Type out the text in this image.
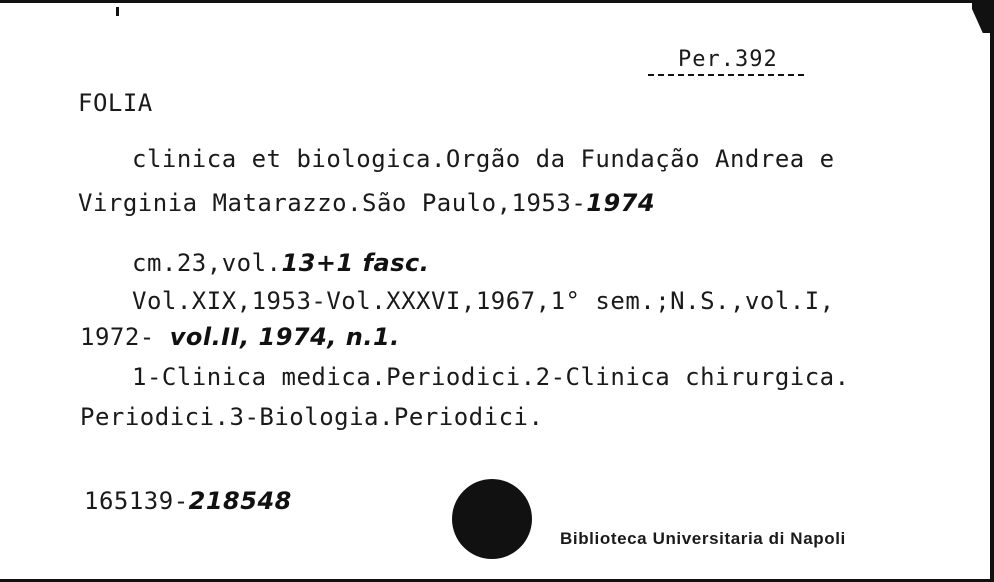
Per.392
FOLIA
clinica et biologica.Orgão da Fundação Andrea e
Virginia Matarazzo.São Paulo,1953-1974
cm.23,vol.13+1 fasc.
Vol.XIX,1953-Vol.XXXVI,1967,1° sem.;N.S.,vol.I,
1972- vol.II, 1974, n.1.
1-Clinica medica.Periodici.2-Clinica chirurgica.
Periodici.3-Biologia.Periodici.
165139-218548
Biblioteca Universitaria di Napoli
